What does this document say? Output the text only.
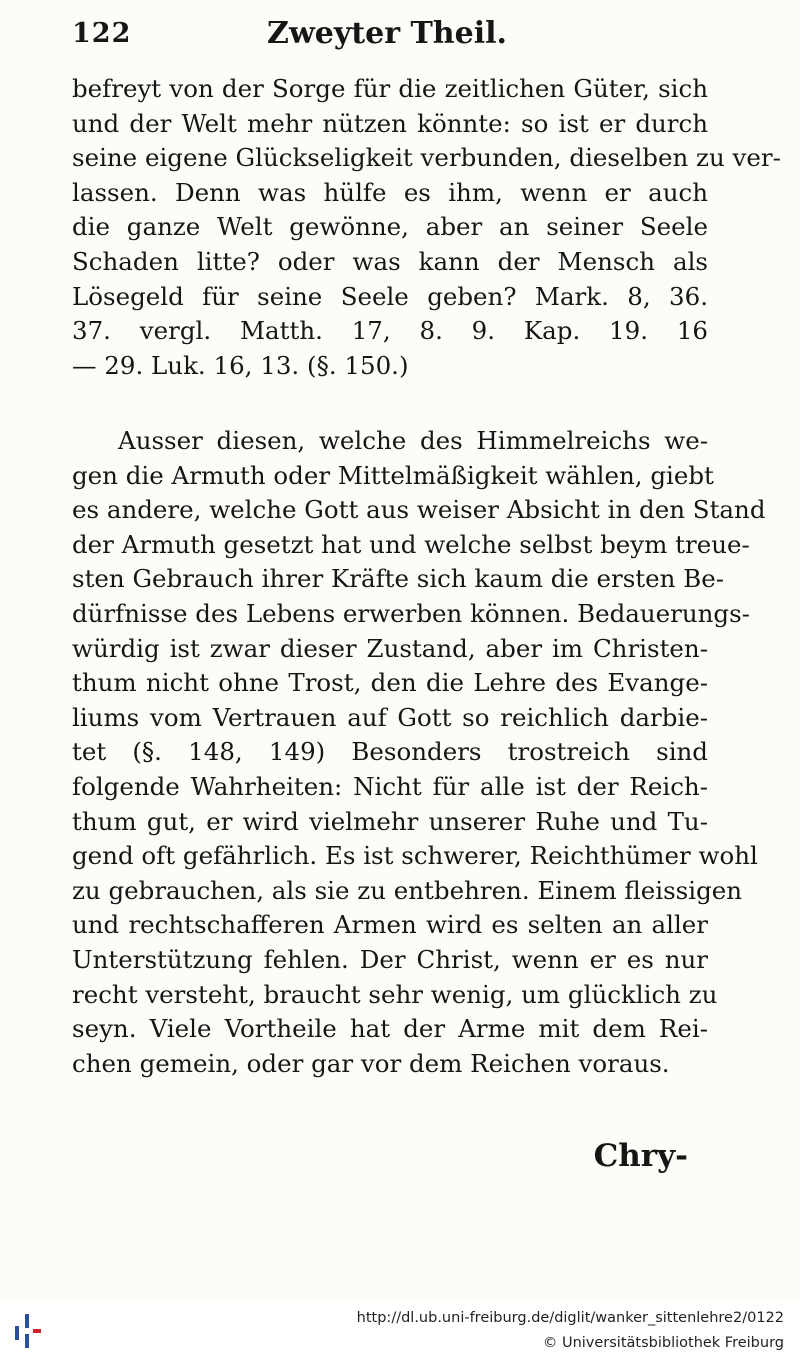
122	Zweyter Theil.
befreyt von der Sorge für die zeitlichen Güter, sich
und der Welt mehr nützen könnte: so ist er durch
seine eigene Glückseligkeit verbunden, dieselben zu ver-
lassen. Denn was hülfe es ihm, wenn er auch
die ganze Welt gewönne, aber an seiner Seele
Schaden litte? oder was kann der Mensch als
Lösegeld für seine Seele geben? Mark. 8, 36.
37. vergl. Matth. 17, 8. 9. Kap. 19. 16
— 29. Luk. 16, 13. (§. 150.)
Ausser diesen, welche des Himmelreichs we-
gen die Armuth oder Mittelmäßigkeit wählen, giebt
es andere, welche Gott aus weiser Absicht in den Stand
der Armuth gesetzt hat und welche selbst beym treue-
sten Gebrauch ihrer Kräfte sich kaum die ersten Be-
dürfnisse des Lebens erwerben können. Bedauerungs-
würdig ist zwar dieser Zustand, aber im Christen-
thum nicht ohne Trost, den die Lehre des Evange-
liums vom Vertrauen auf Gott so reichlich darbie-
tet (§. 148, 149) Besonders trostreich sind
folgende Wahrheiten: Nicht für alle ist der Reich-
thum gut, er wird vielmehr unserer Ruhe und Tu-
gend oft gefährlich. Es ist schwerer, Reichthümer wohl
zu gebrauchen, als sie zu entbehren. Einem fleissigen
und rechtschafferen Armen wird es selten an aller
Unterstützung fehlen. Der Christ, wenn er es nur
recht versteht, braucht sehr wenig, um glücklich zu
seyn. Viele Vortheile hat der Arme mit dem Rei-
chen gemein, oder gar vor dem Reichen voraus.
Chry-
http://dl.ub.uni-freiburg.de/diglit/wanker_sittenlehre2/0122
© Universitätsbibliothek Freiburg
